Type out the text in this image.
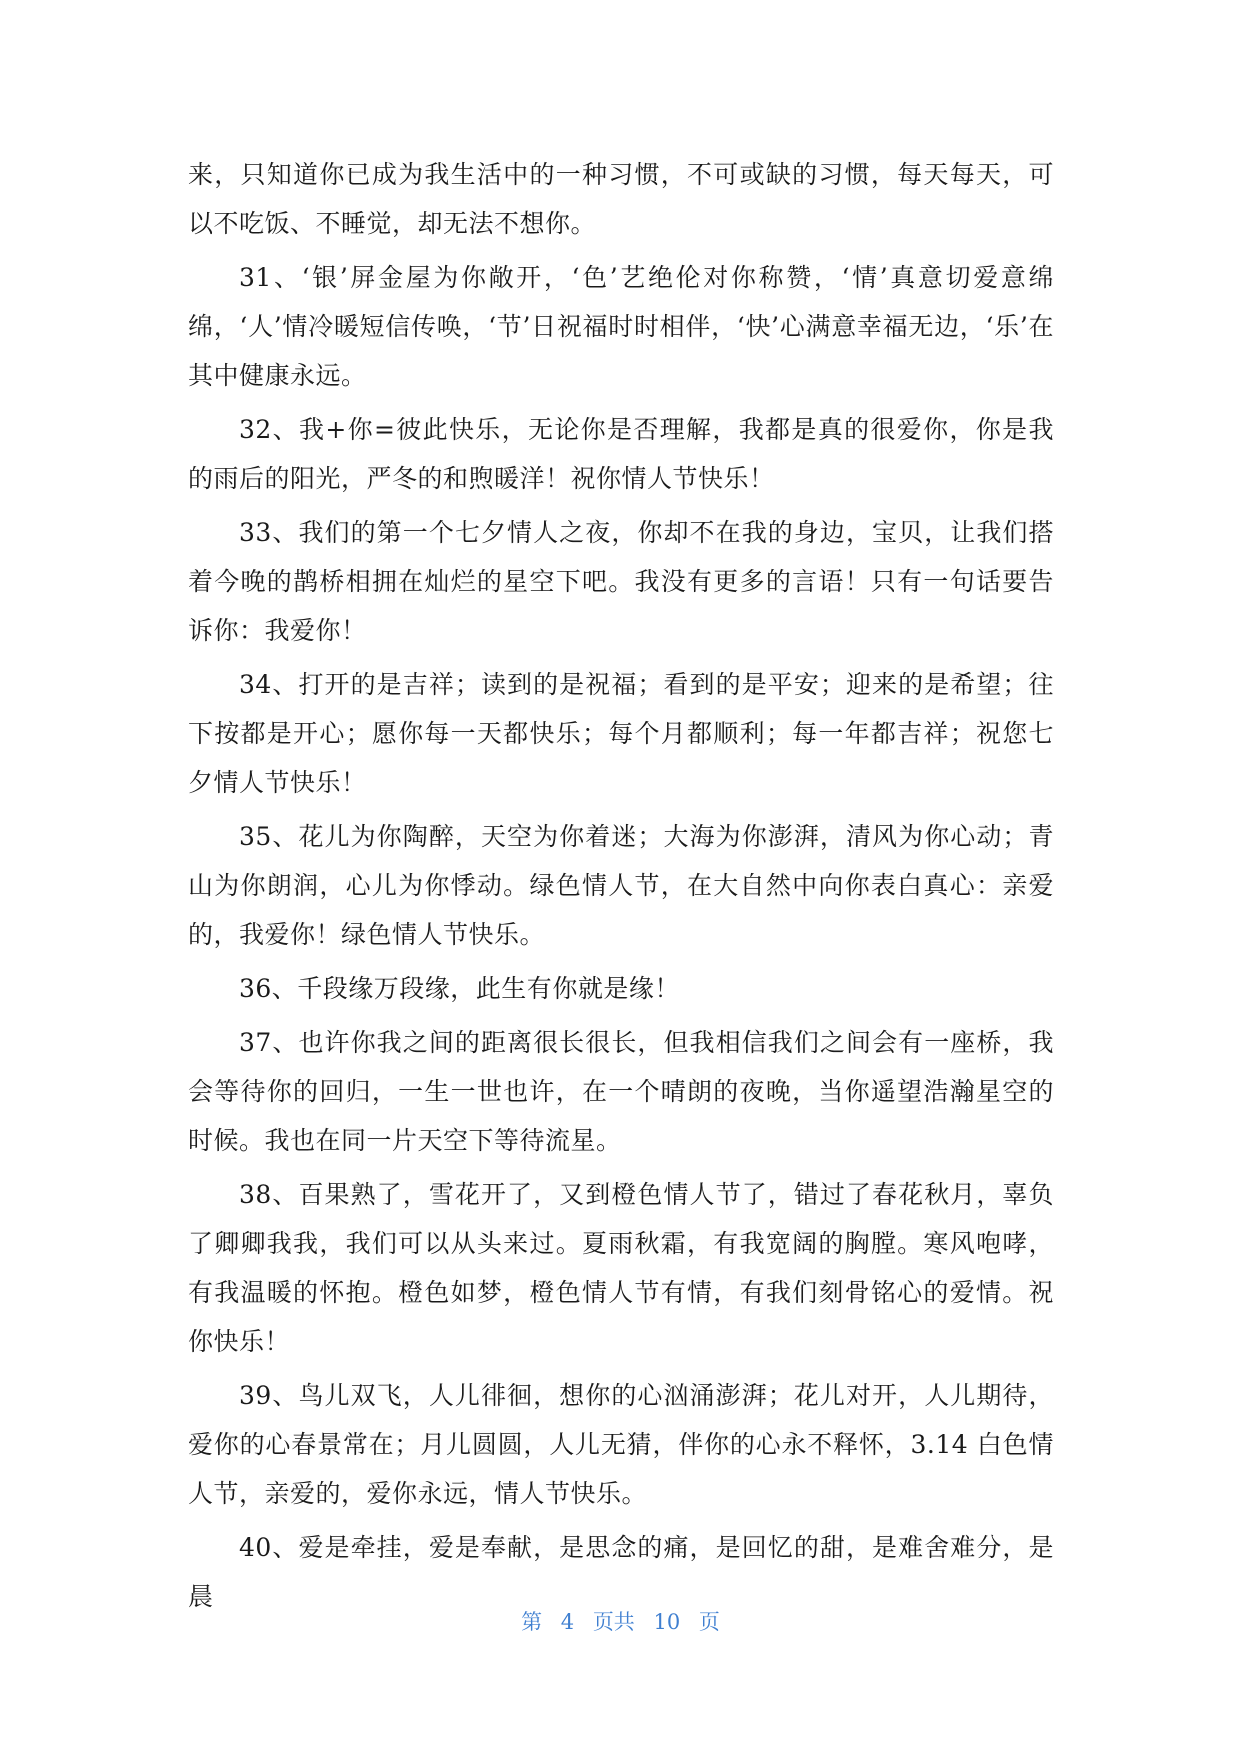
来，只知道你已成为我生活中的一种习惯，不可或缺的习惯，每天每天，可以不吃饭、不睡觉，却无法不想你。

31、‘银’屏金屋为你敞开，‘色’艺绝伦对你称赞，‘情’真意切爱意绵绵，‘人’情冷暖短信传唤，‘节’日祝福时时相伴，‘快’心满意幸福无边，‘乐’在其中健康永远。

32、我+你=彼此快乐，无论你是否理解，我都是真的很爱你，你是我的雨后的阳光，严冬的和煦暖洋！祝你情人节快乐！

33、我们的第一个七夕情人之夜，你却不在我的身边，宝贝，让我们搭着今晚的鹊桥相拥在灿烂的星空下吧。我没有更多的言语！只有一句话要告诉你：我爱你！

34、打开的是吉祥；读到的是祝福；看到的是平安；迎来的是希望；往下按都是开心；愿你每一天都快乐；每个月都顺利；每一年都吉祥；祝您七夕情人节快乐！

35、花儿为你陶醉，天空为你着迷；大海为你澎湃，清风为你心动；青山为你朗润，心儿为你悸动。绿色情人节，在大自然中向你表白真心：亲爱的，我爱你！绿色情人节快乐。

36、千段缘万段缘，此生有你就是缘！

37、也许你我之间的距离很长很长，但我相信我们之间会有一座桥，我会等待你的回归，一生一世也许，在一个晴朗的夜晚，当你遥望浩瀚星空的时候。我也在同一片天空下等待流星。

38、百果熟了，雪花开了，又到橙色情人节了，错过了春花秋月，辜负了卿卿我我，我们可以从头来过。夏雨秋霜，有我宽阔的胸膛。寒风咆哮，有我温暖的怀抱。橙色如梦，橙色情人节有情，有我们刻骨铭心的爱情。祝你快乐！

39、鸟儿双飞，人儿徘徊，想你的心汹涌澎湃；花儿对开，人儿期待，爱你的心春景常在；月儿圆圆，人儿无猜，伴你的心永不释怀，3.14 白色情人节，亲爱的，爱你永远，情人节快乐。

40、爱是牵挂，爱是奉献，是思念的痛，是回忆的甜，是难舍难分，是晨

第 4 页共 10 页
